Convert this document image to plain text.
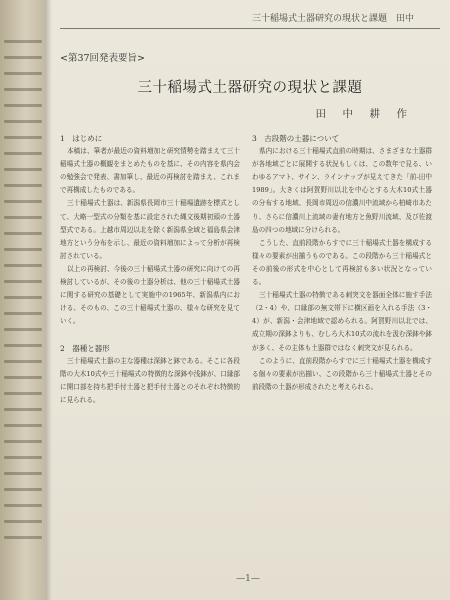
三十稲場式土器研究の現状と課題　田中
<第37回発表要旨>
三十稲場式土器研究の現状と課題
田　中　耕　作
1　はじめに

本稿は、筆者が最近の資料増加と研究情勢を踏まえて三十稲場式土器の概観をまとめたものを基に、その内容を県内会の勉強会で発表、書加筆し、最近の再検討を踏まえ、これまで再構成したものである。

三十稲場式土器は、新潟県長岡市三十稲場遺跡を標式として、大略一型式の分類を基に設定された縄文後期初頭の土器型式である。上越市周辺以北を除く新潟県全域と福島県会津地方という分布を示し、最近の資料増加によって分析が再検討されている。

以上の再検討、今後の三十稲場式土器の研究に向けての再検討しているが、その後の土器分析は、他の三十稲場式土器に関する研究の基礎として実施中の1965年、新潟県内における、そのもの、この三十稲場式土器の、様々な研究を見ていく。

2　器種と器形

三十稲場式土器の主な器種は深鉢と鉢である。そこに各段階の大木10式や三十稲場式の特徴的な深鉢や浅鉢が、口縁部に開口部を持ち把手付土器と把手付土器とのそれぞれ特徴的に見られる。

3　古段階の土器について

県内における三十稲場式直前の時期は、さまざまな土器群が各地域ごとに展開する状況もしくは、この数年で見る、いわゆるアマト、サイン、ラインナップが見えてきた「前-田中1989」。大きくは阿賀野川以北を中心とする大木10式土器の分布する地域、長岡市周辺の信濃川中流域から柏崎市あたり、さらに信濃川上流域の妻有地方と魚野川流域、及び佐渡島の四つの地域に分けられる。

こうした、直前段階からすでに三十稲場式土器を構成する様々の要素が出揃うものである。この段階から三十稲場式とその前後の形式を中心として再検討も多い状況となっている。

三十稲場式土器の特徴である刺突文を器面全体に施す手法（2・4）や、口縁部の無文帯下に横区画を入れる手法（3・4）が、新潟・会津地域で認められる。阿賀野川以北では、成立期の深鉢よりも、むしろ大木10式の流れを汲む深鉢や鉢が多く、その主体も土器群ではなく刺突文が見られる。

このように、直前段階からすでに三十稲場式土器を構成する個々の要素が出揃い、この段階から三十稲場式土器とその前段階の土器が形成されたと考えられる。

—1—
